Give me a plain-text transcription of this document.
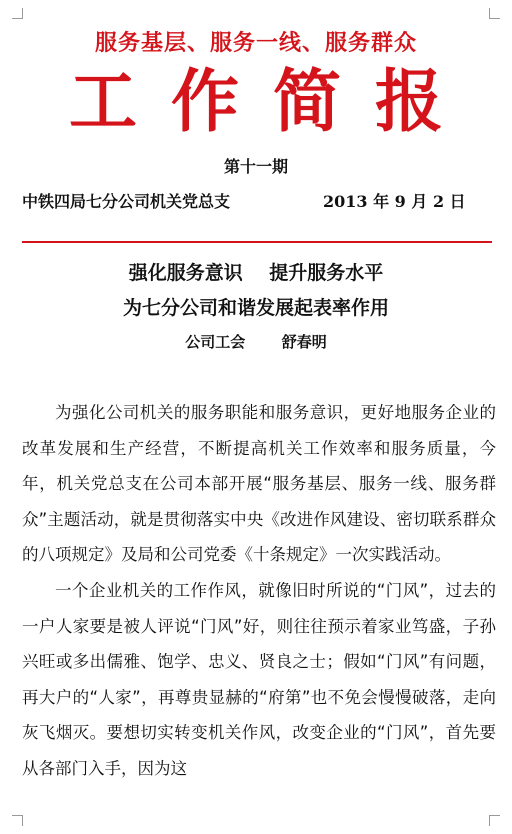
服务基层、服务一线、服务群众
工作简报
第十一期
中铁四局七分公司机关党总支	2013 年 9 月 2 日
强化服务意识    提升服务水平
为七分公司和谐发展起表率作用
公司工会       舒春明

为强化公司机关的服务职能和服务意识，更好地服务企业的改革发展和生产经营，不断提高机关工作效率和服务质量，今年，机关党总支在公司本部开展“服务基层、服务一线、服务群众”主题活动，就是贯彻落实中央《改进作风建设、密切联系群众的八项规定》及局和公司党委《十条规定》一次实践活动。

一个企业机关的工作作风，就像旧时所说的“门风”，过去的一户人家要是被人评说“门风”好，则往往预示着家业笃盛，子孙兴旺或多出儒雅、饱学、忠义、贤良之士；假如“门风”有问题，再大户的“人家”，再尊贵显赫的“府第”也不免会慢慢破落，走向灰飞烟灭。要想切实转变机关作风，改变企业的“门风”，首先要从各部门入手，因为这
